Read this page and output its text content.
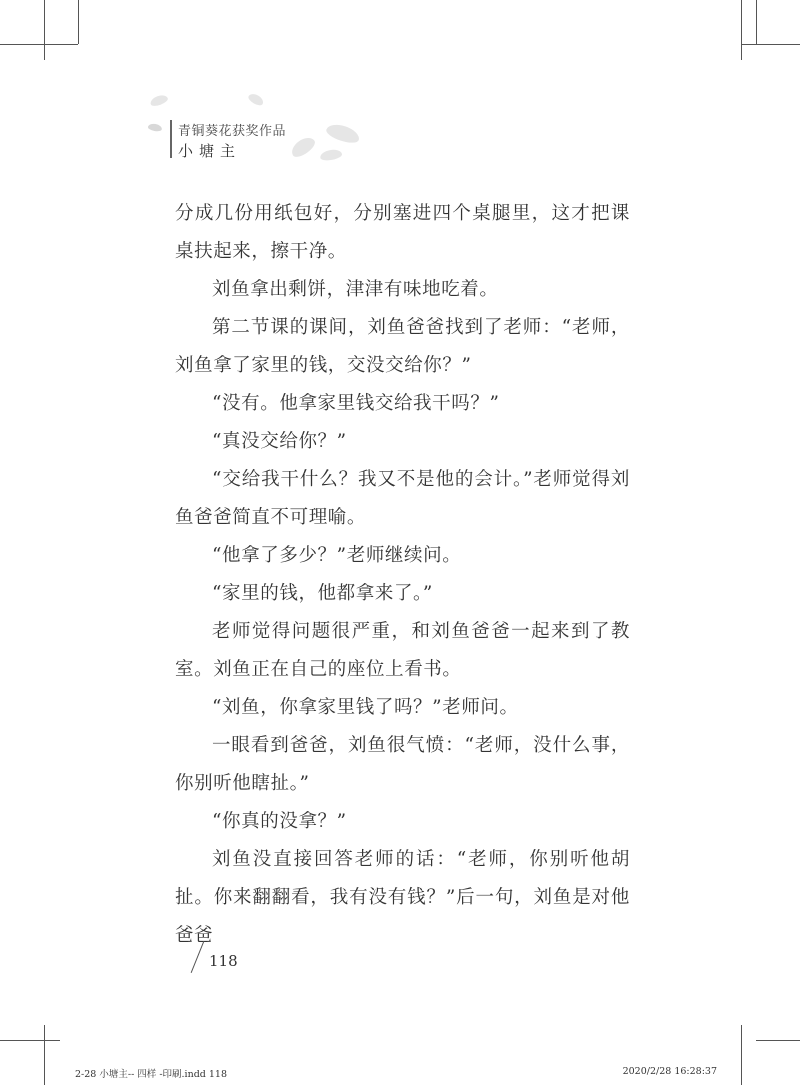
青铜葵花获奖作品
小塘主

分成几份用纸包好，分别塞进四个桌腿里，这才把课桌扶起来，擦干净。

刘鱼拿出剩饼，津津有味地吃着。

第二节课的课间，刘鱼爸爸找到了老师：“老师，刘鱼拿了家里的钱，交没交给你？”

“没有。他拿家里钱交给我干吗？”

“真没交给你？”

“交给我干什么？我又不是他的会计。”老师觉得刘鱼爸爸简直不可理喻。

“他拿了多少？”老师继续问。

“家里的钱，他都拿来了。”

老师觉得问题很严重，和刘鱼爸爸一起来到了教室。刘鱼正在自己的座位上看书。

“刘鱼，你拿家里钱了吗？”老师问。

一眼看到爸爸，刘鱼很气愤：“老师，没什么事，你别听他瞎扯。”

“你真的没拿？”

刘鱼没直接回答老师的话：“老师，你别听他胡扯。你来翻翻看，我有没有钱？”后一句，刘鱼是对他爸爸

118
2-28 小塘主-- 四样 -印刷.indd 118	2020/2/28 16:28:37
